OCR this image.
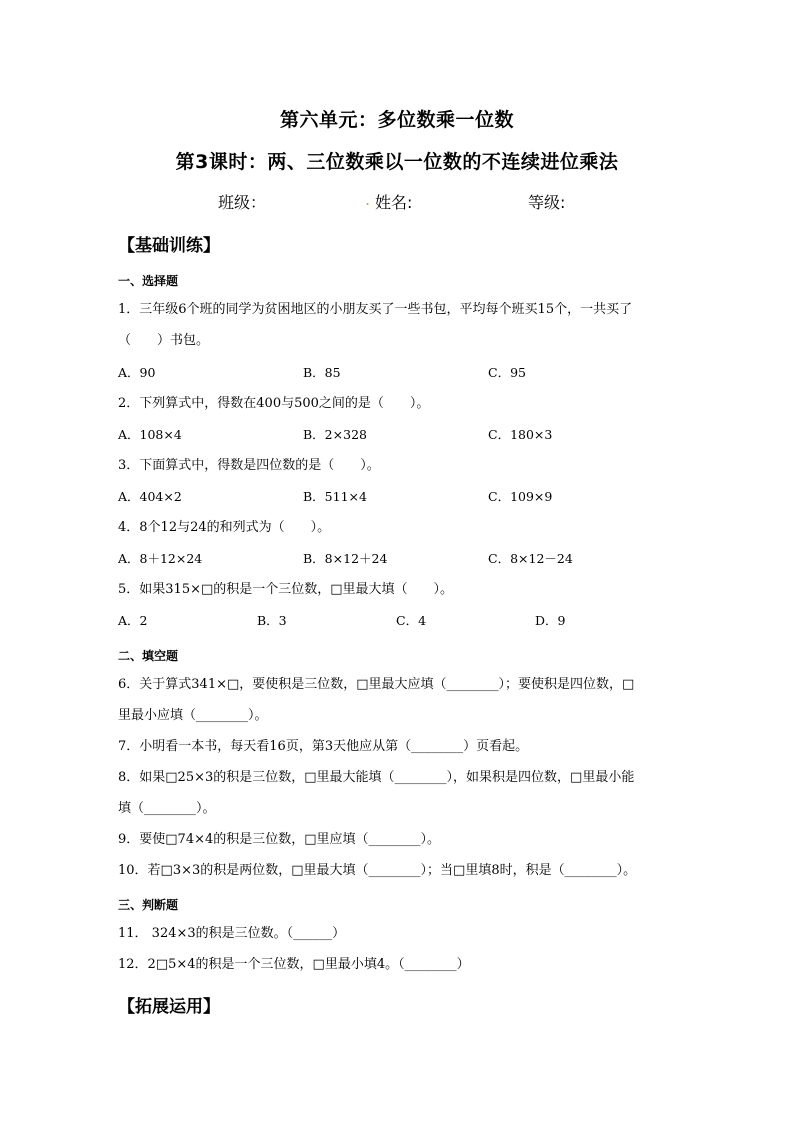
第六单元：多位数乘一位数
第3课时：两、三位数乘以一位数的不连续进位乘法
班级：	. 姓名:	等级:
【基础训练】
一、选择题
1．三年级6个班的同学为贫困地区的小朋友买了一些书包，平均每个班买15个，一共买了
（　　）书包。
A．90	B．85	C．95
2．下列算式中，得数在400与500之间的是（　　）。
A．108×4	B．2×328	C．180×3
3．下面算式中，得数是四位数的是（　　）。
A．404×2	B．511×4	C．109×9
4．8个12与24的和列式为（　　）。
A．8＋12×24	B．8×12＋24	C．8×12－24
5．如果315×□的积是一个三位数，□里最大填（　　）。
A．2	B．3	C．4	D．9
二、填空题
6．关于算式341×□，要使积是三位数，□里最大应填（________）；要使积是四位数，□
里最小应填（________）。
7．小明看一本书，每天看16页，第3天他应从第（________）页看起。
8．如果□25×3的积是三位数，□里最大能填（________），如果积是四位数，□里最小能
填（________）。
9．要使□74×4的积是三位数，□里应填（________）。
10．若□3×3的积是两位数，□里最大填（________）；当□里填8时，积是（________）。
三、判断题
11． 324×3的积是三位数。（______）
12．2□5×4的积是一个三位数，□里最小填4。（________）
【拓展运用】
